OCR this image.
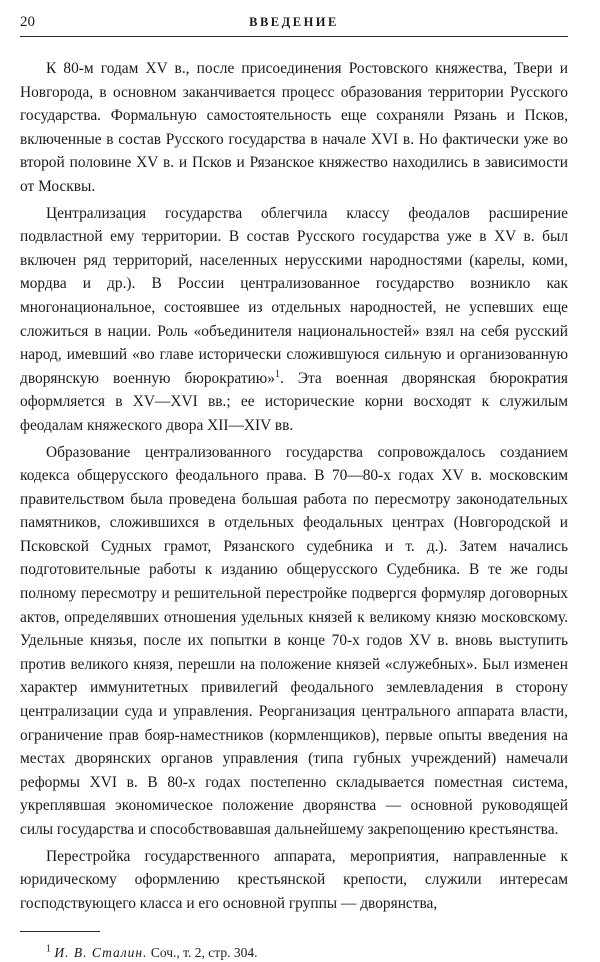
20	ВВЕДЕНИЕ

К 80-м годам XV в., после присоединения Ростовского княжества, Твери и Новгорода, в основном заканчивается процесс образования территории Русского государства. Формальную самостоятельность еще сохраняли Рязань и Псков, включенные в состав Русского государства в начале XVI в. Но фактически уже во второй половине XV в. и Псков и Рязанское княжество находились в зависимости от Москвы.

Централизация государства облегчила классу феодалов расширение подвластной ему территории. В состав Русского государства уже в XV в. был включен ряд территорий, населенных нерусскими народностями (карелы, коми, мордва и др.). В России централизованное государство возникло как многонациональное, состоявшее из отдельных народностей, не успевших еще сложиться в нации. Роль «объединителя национальностей» взял на себя русский народ, имевший «во главе исторически сложившуюся сильную и организованную дворянскую военную бюрократию»$^1$. Эта военная дворянская бюрократия оформляется в XV—XVI вв.; ее исторические корни восходят к служилым феодалам княжеского двора XII—XIV вв.

Образование централизованного государства сопровождалось созданием кодекса общерусского феодального права. В 70—80-х годах XV в. московским правительством была проведена большая работа по пересмотру законодательных памятников, сложившихся в отдельных феодальных центрах (Новгородской и Псковской Судных грамот, Рязанского судебника и т. д.). Затем начались подготовительные работы к изданию общерусского Судебника. В те же годы полному пересмотру и решительной перестройке подвергся формуляр договорных актов, определявших отношения удельных князей к великому князю московскому. Удельные князья, после их попытки в конце 70-х годов XV в. вновь выступить против великого князя, перешли на положение князей «служебных». Был изменен характер иммунитетных привилегий феодального землевладения в сторону централизации суда и управления. Реорганизация центрального аппарата власти, ограничение прав бояр-наместников (кормленщиков), первые опыты введения на местах дворянских органов управления (типа губных учреждений) намечали реформы XVI в. В 80-х годах постепенно складывается поместная система, укреплявшая экономическое положение дворянства — основной руководящей силы государства и способствовавшая дальнейшему закрепощению крестьянства.

Перестройка государственного аппарата, мероприятия, направленные к юридическому оформлению крестьянской крепости, служили интересам господствующего класса и его основной группы — дворянства,

$^1$ И. В. Сталин. Соч., т. 2, стр. 304.
